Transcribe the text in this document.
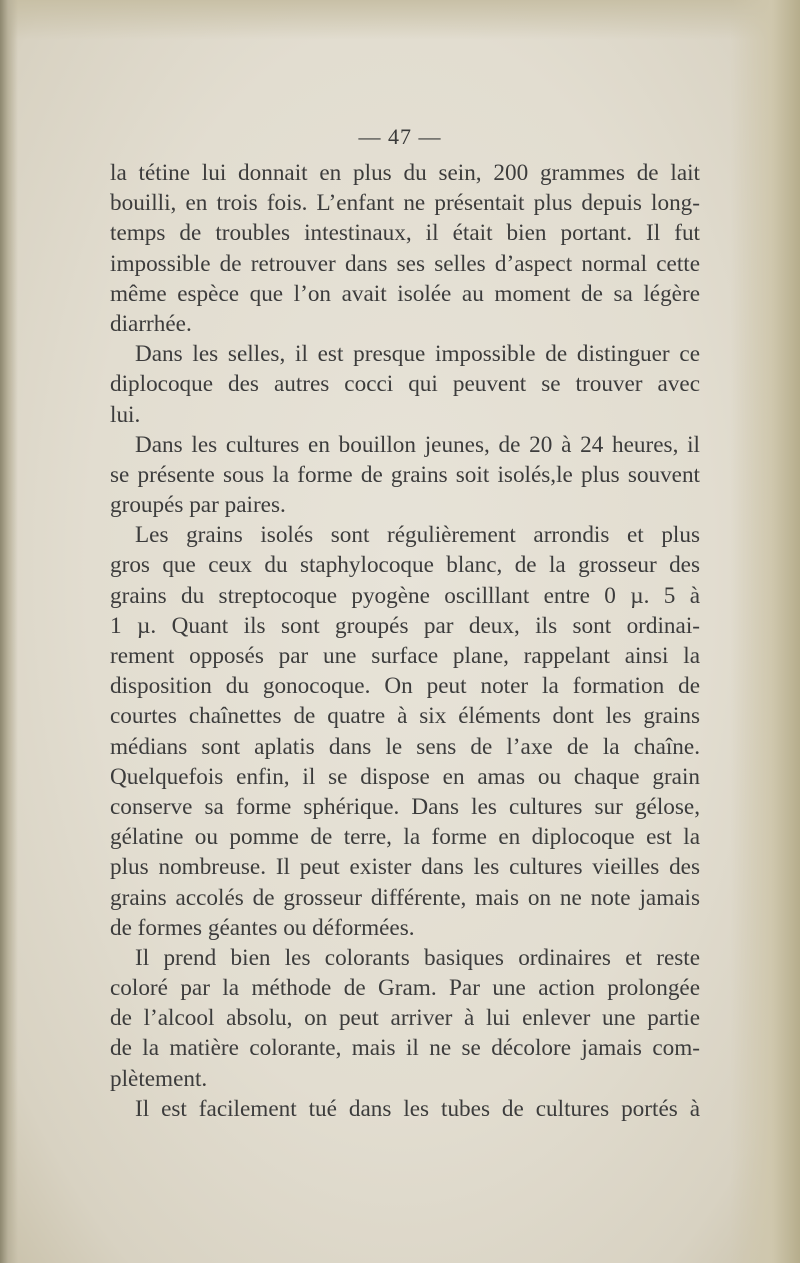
— 47 —
la tétine lui donnait en plus du sein, 200 grammes de lait
bouilli, en trois fois. L’enfant ne présentait plus depuis long-
temps de troubles intestinaux, il était bien portant. Il fut
impossible de retrouver dans ses selles d’aspect normal cette
même espèce que l’on avait isolée au moment de sa légère
diarrhée.
Dans les selles, il est presque impossible de distinguer ce
diplocoque des autres cocci qui peuvent se trouver avec
lui.
Dans les cultures en bouillon jeunes, de 20 à 24 heures, il
se présente sous la forme de grains soit isolés,le plus souvent
groupés par paires.
Les grains isolés sont régulièrement arrondis et plus
gros que ceux du staphylocoque blanc, de la grosseur des
grains du streptocoque pyogène oscilllant entre 0 µ. 5 à
1 µ. Quant ils sont groupés par deux, ils sont ordinai-
rement opposés par une surface plane, rappelant ainsi la
disposition du gonocoque. On peut noter la formation de
courtes chaînettes de quatre à six éléments dont les grains
médians sont aplatis dans le sens de l’axe de la chaîne.
Quelquefois enfin, il se dispose en amas ou chaque grain
conserve sa forme sphérique. Dans les cultures sur gélose,
gélatine ou pomme de terre, la forme en diplocoque est la
plus nombreuse. Il peut exister dans les cultures vieilles des
grains accolés de grosseur différente, mais on ne note jamais
de formes géantes ou déformées.
Il prend bien les colorants basiques ordinaires et reste
coloré par la méthode de Gram. Par une action prolongée
de l’alcool absolu, on peut arriver à lui enlever une partie
de la matière colorante, mais il ne se décolore jamais com-
plètement.
Il est facilement tué dans les tubes de cultures portés à
